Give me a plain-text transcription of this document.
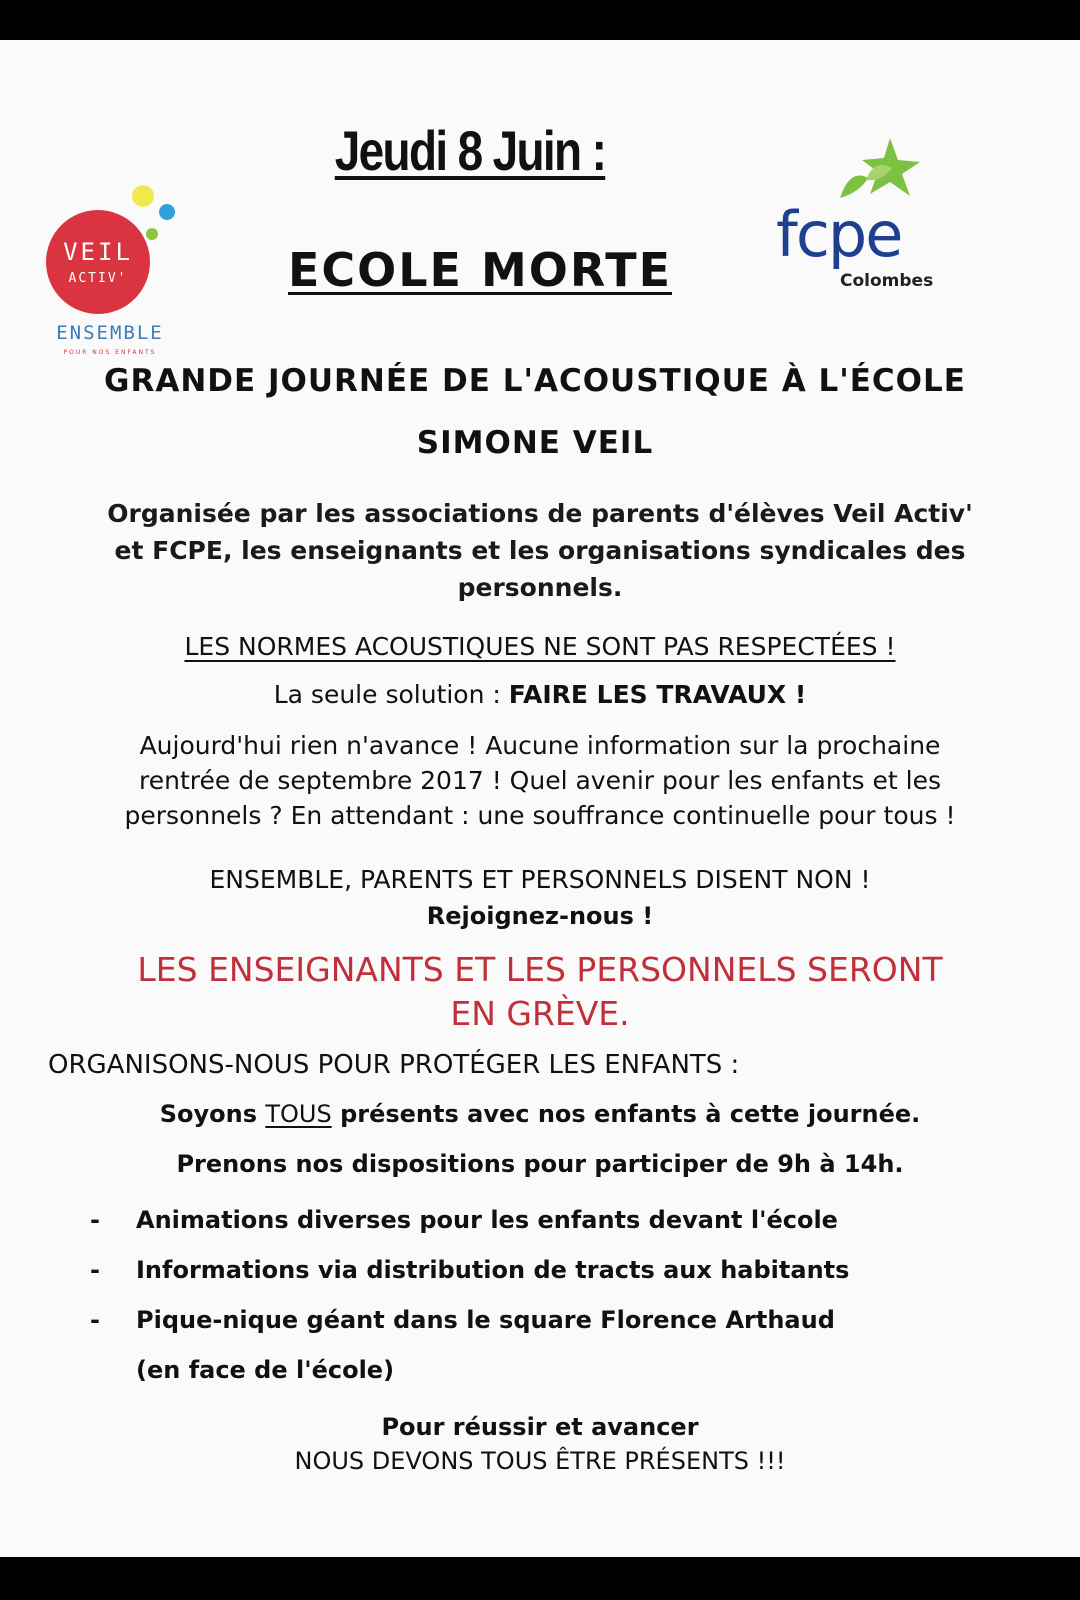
VEIL
ACTIV'
ENSEMBLE
POUR NOS ENFANTS
fcpe
Colombes
Jeudi 8 Juin :
ECOLE MORTE
GRANDE JOURNÉE DE L'ACOUSTIQUE À L'ÉCOLE
SIMONE VEIL
Organisée par les associations de parents d'élèves Veil Activ'
et FCPE, les enseignants et les organisations syndicales des
personnels.
LES NORMES ACOUSTIQUES NE SONT PAS RESPECTÉES !
La seule solution : FAIRE LES TRAVAUX !
Aujourd'hui rien n'avance ! Aucune information sur la prochaine
rentrée de septembre 2017 ! Quel avenir pour les enfants et les
personnels ? En attendant : une souffrance continuelle pour tous !
ENSEMBLE, PARENTS ET PERSONNELS DISENT NON !
Rejoignez-nous !
LES ENSEIGNANTS ET LES PERSONNELS SERONT
EN GRÈVE.
ORGANISONS-NOUS POUR PROTÉGER LES ENFANTS :
Soyons TOUS présents avec nos enfants à cette journée.
Prenons nos dispositions pour participer de 9h à 14h.
- Animations diverses pour les enfants devant l'école
- Informations via distribution de tracts aux habitants
- Pique-nique géant dans le square Florence Arthaud
(en face de l'école)
Pour réussir et avancer
NOUS DEVONS TOUS ÊTRE PRÉSENTS !!!
